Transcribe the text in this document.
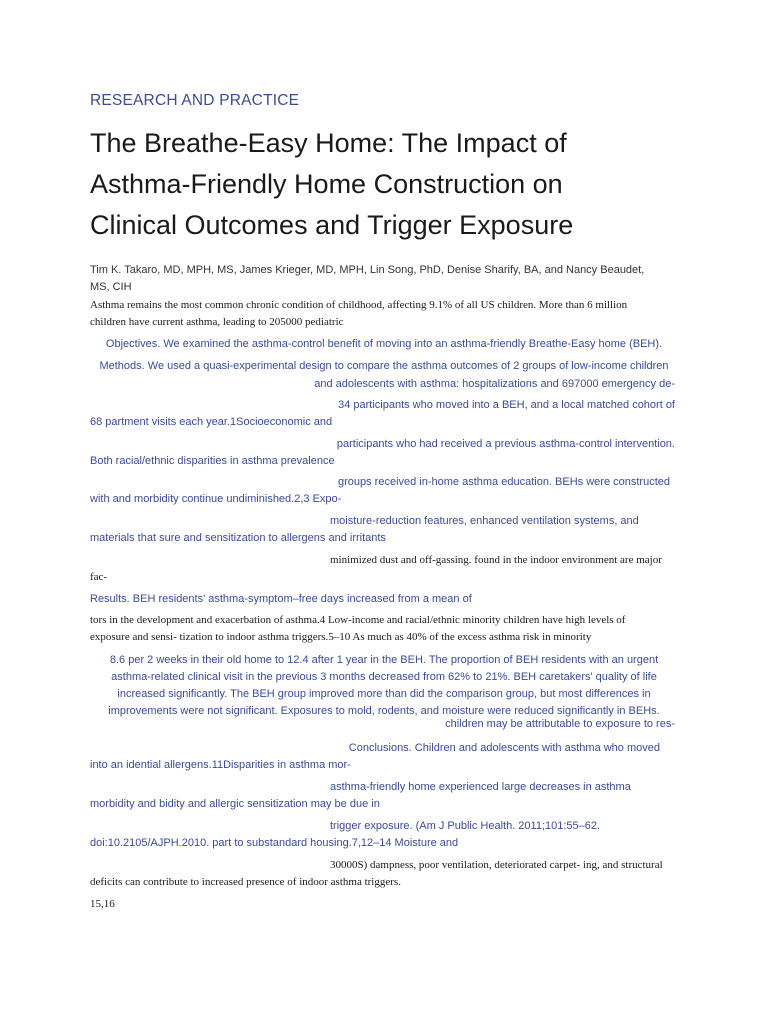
RESEARCH AND PRACTICE
The Breathe-Easy Home: The Impact of
Asthma-Friendly Home Construction on
Clinical Outcomes and Trigger Exposure
Tim K. Takaro, MD, MPH, MS, James Krieger, MD, MPH, Lin Song, PhD, Denise Sharify, BA, and Nancy Beaudet,
MS, CIH
Asthma remains the most common chronic condition of childhood, affecting 9.1% of all US children. More than 6 million
children have current asthma, leading to 205000 pediatric
Objectives. We examined the asthma-control benefit of moving into an asthma-friendly Breathe-Easy home (BEH).
Methods. We used a quasi-experimental design to compare the asthma outcomes of 2 groups of low-income children
and adolescents with asthma: hospitalizations and 697000 emergency de-
34 participants who moved into a BEH, and a local matched cohort of
68 partment visits each year.1Socioeconomic and
participants who had received a previous asthma-control intervention.
Both racial/ethnic disparities in asthma prevalence
groups received in-home asthma education. BEHs were constructed
with and morbidity continue undiminished.2,3 Expo-
moisture-reduction features, enhanced ventilation systems, and
materials that sure and sensitization to allergens and irritants
minimized dust and off-gassing. found in the indoor environment are major
fac-
Results. BEH residents' asthma-symptom–free days increased from a mean of
tors in the development and exacerbation of asthma.4 Low-income and racial/ethnic minority children have high levels of
exposure and sensi- tization to indoor asthma triggers.5–10 As much as 40% of the excess asthma risk in minority
8.6 per 2 weeks in their old home to 12.4 after 1 year in the BEH. The proportion of BEH residents with an urgent
asthma-related clinical visit in the previous 3 months decreased from 62% to 21%. BEH caretakers' quality of life
increased significantly. The BEH group improved more than did the comparison group, but most differences in
improvements were not significant. Exposures to mold, rodents, and moisture were reduced significantly in BEHs.
children may be attributable to exposure to res-
Conclusions. Children and adolescents with asthma who moved
into an idential allergens.11Disparities in asthma mor-
asthma-friendly home experienced large decreases in asthma
morbidity and bidity and allergic sensitization may be due in
trigger exposure. (Am J Public Health. 2011;101:55–62.
doi:10.2105/AJPH.2010. part to substandard housing.7,12–14 Moisture and
30000S) dampness, poor ventilation, deteriorated carpet- ing, and structural
deficits can contribute to increased presence of indoor asthma triggers.
15,16
